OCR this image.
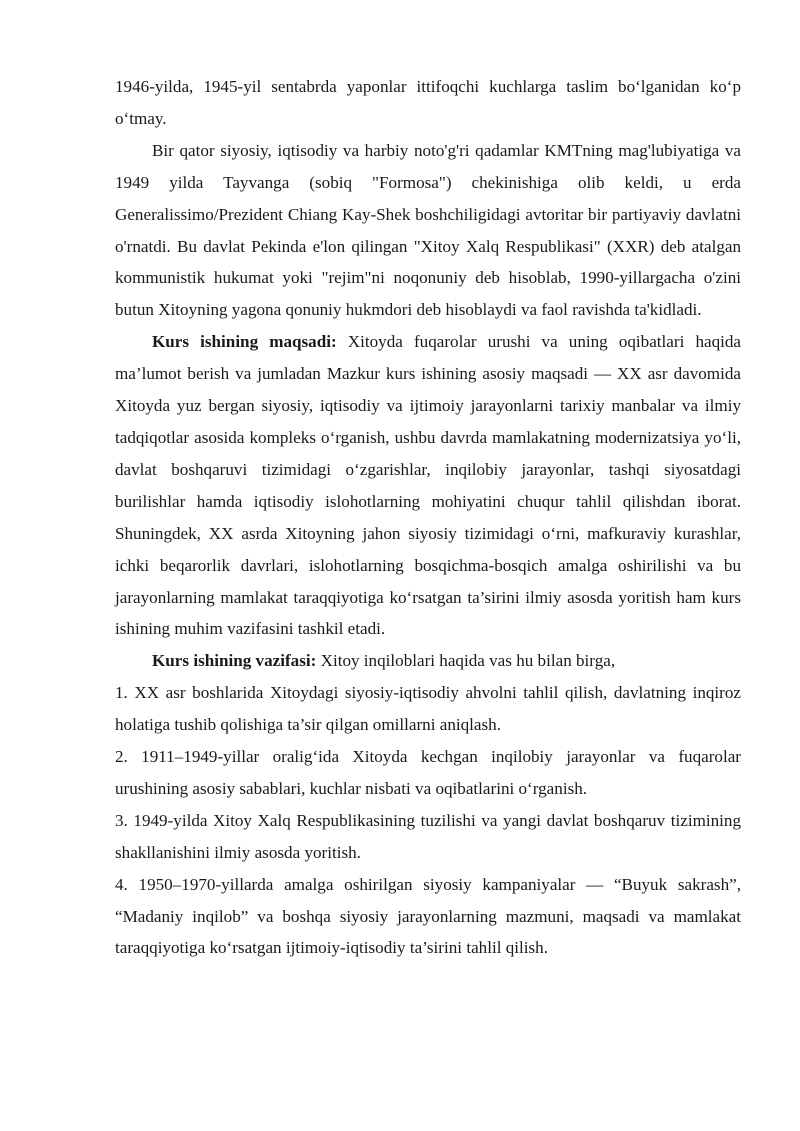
1946-yilda, 1945-yil sentabrda yaponlar ittifoqchi kuchlarga taslim bo‘lganidan ko‘p o‘tmay.

Bir qator siyosiy, iqtisodiy va harbiy noto'g'ri qadamlar KMTning mag'lubiyatiga va 1949 yilda Tayvanga (sobiq "Formosa") chekinishiga olib keldi, u erda Generalissimo/Prezident Chiang Kay-Shek boshchiligidagi avtoritar bir partiyaviy davlatni o'rnatdi. Bu davlat Pekinda e'lon qilingan "Xitoy Xalq Respublikasi" (XXR) deb atalgan kommunistik hukumat yoki "rejim"ni noqonuniy deb hisoblab, 1990-yillargacha o'zini butun Xitoyning yagona qonuniy hukmdori deb hisoblaydi va faol ravishda ta'kidladi.

Kurs ishining maqsadi: Xitoyda fuqarolar urushi va uning oqibatlari haqida ma’lumot berish va jumladan Mazkur kurs ishining asosiy maqsadi — XX asr davomida Xitoyda yuz bergan siyosiy, iqtisodiy va ijtimoiy jarayonlarni tarixiy manbalar va ilmiy tadqiqotlar asosida kompleks o‘rganish, ushbu davrda mamlakatning modernizatsiya yo‘li, davlat boshqaruvi tizimidagi o‘zgarishlar, inqilobiy jarayonlar, tashqi siyosatdagi burilishlar hamda iqtisodiy islohotlarning mohiyatini chuqur tahlil qilishdan iborat. Shuningdek, XX asrda Xitoyning jahon siyosiy tizimidagi o‘rni, mafkuraviy kurashlar, ichki beqarorlik davrlari, islohotlarning bosqichma-bosqich amalga oshirilishi va bu jarayonlarning mamlakat taraqqiyotiga ko‘rsatgan ta’sirini ilmiy asosda yoritish ham kurs ishining muhim vazifasini tashkil etadi.

Kurs ishining vazifasi: Xitoy inqiloblari haqida vas hu bilan birga,

1. XX asr boshlarida Xitoydagi siyosiy-iqtisodiy ahvolni tahlil qilish, davlatning inqiroz holatiga tushib qolishiga ta’sir qilgan omillarni aniqlash.
2. 1911–1949-yillar oralig‘ida Xitoyda kechgan inqilobiy jarayonlar va fuqarolar urushining asosiy sabablari, kuchlar nisbati va oqibatlarini o‘rganish.
3. 1949-yilda Xitoy Xalq Respublikasining tuzilishi va yangi davlat boshqaruv tizimining shakllanishini ilmiy asosda yoritish.
4. 1950–1970-yillarda amalga oshirilgan siyosiy kampaniyalar — “Buyuk sakrash”, “Madaniy inqilob” va boshqa siyosiy jarayonlarning mazmuni, maqsadi va mamlakat taraqqiyotiga ko‘rsatgan ijtimoiy-iqtisodiy ta’sirini tahlil qilish.
